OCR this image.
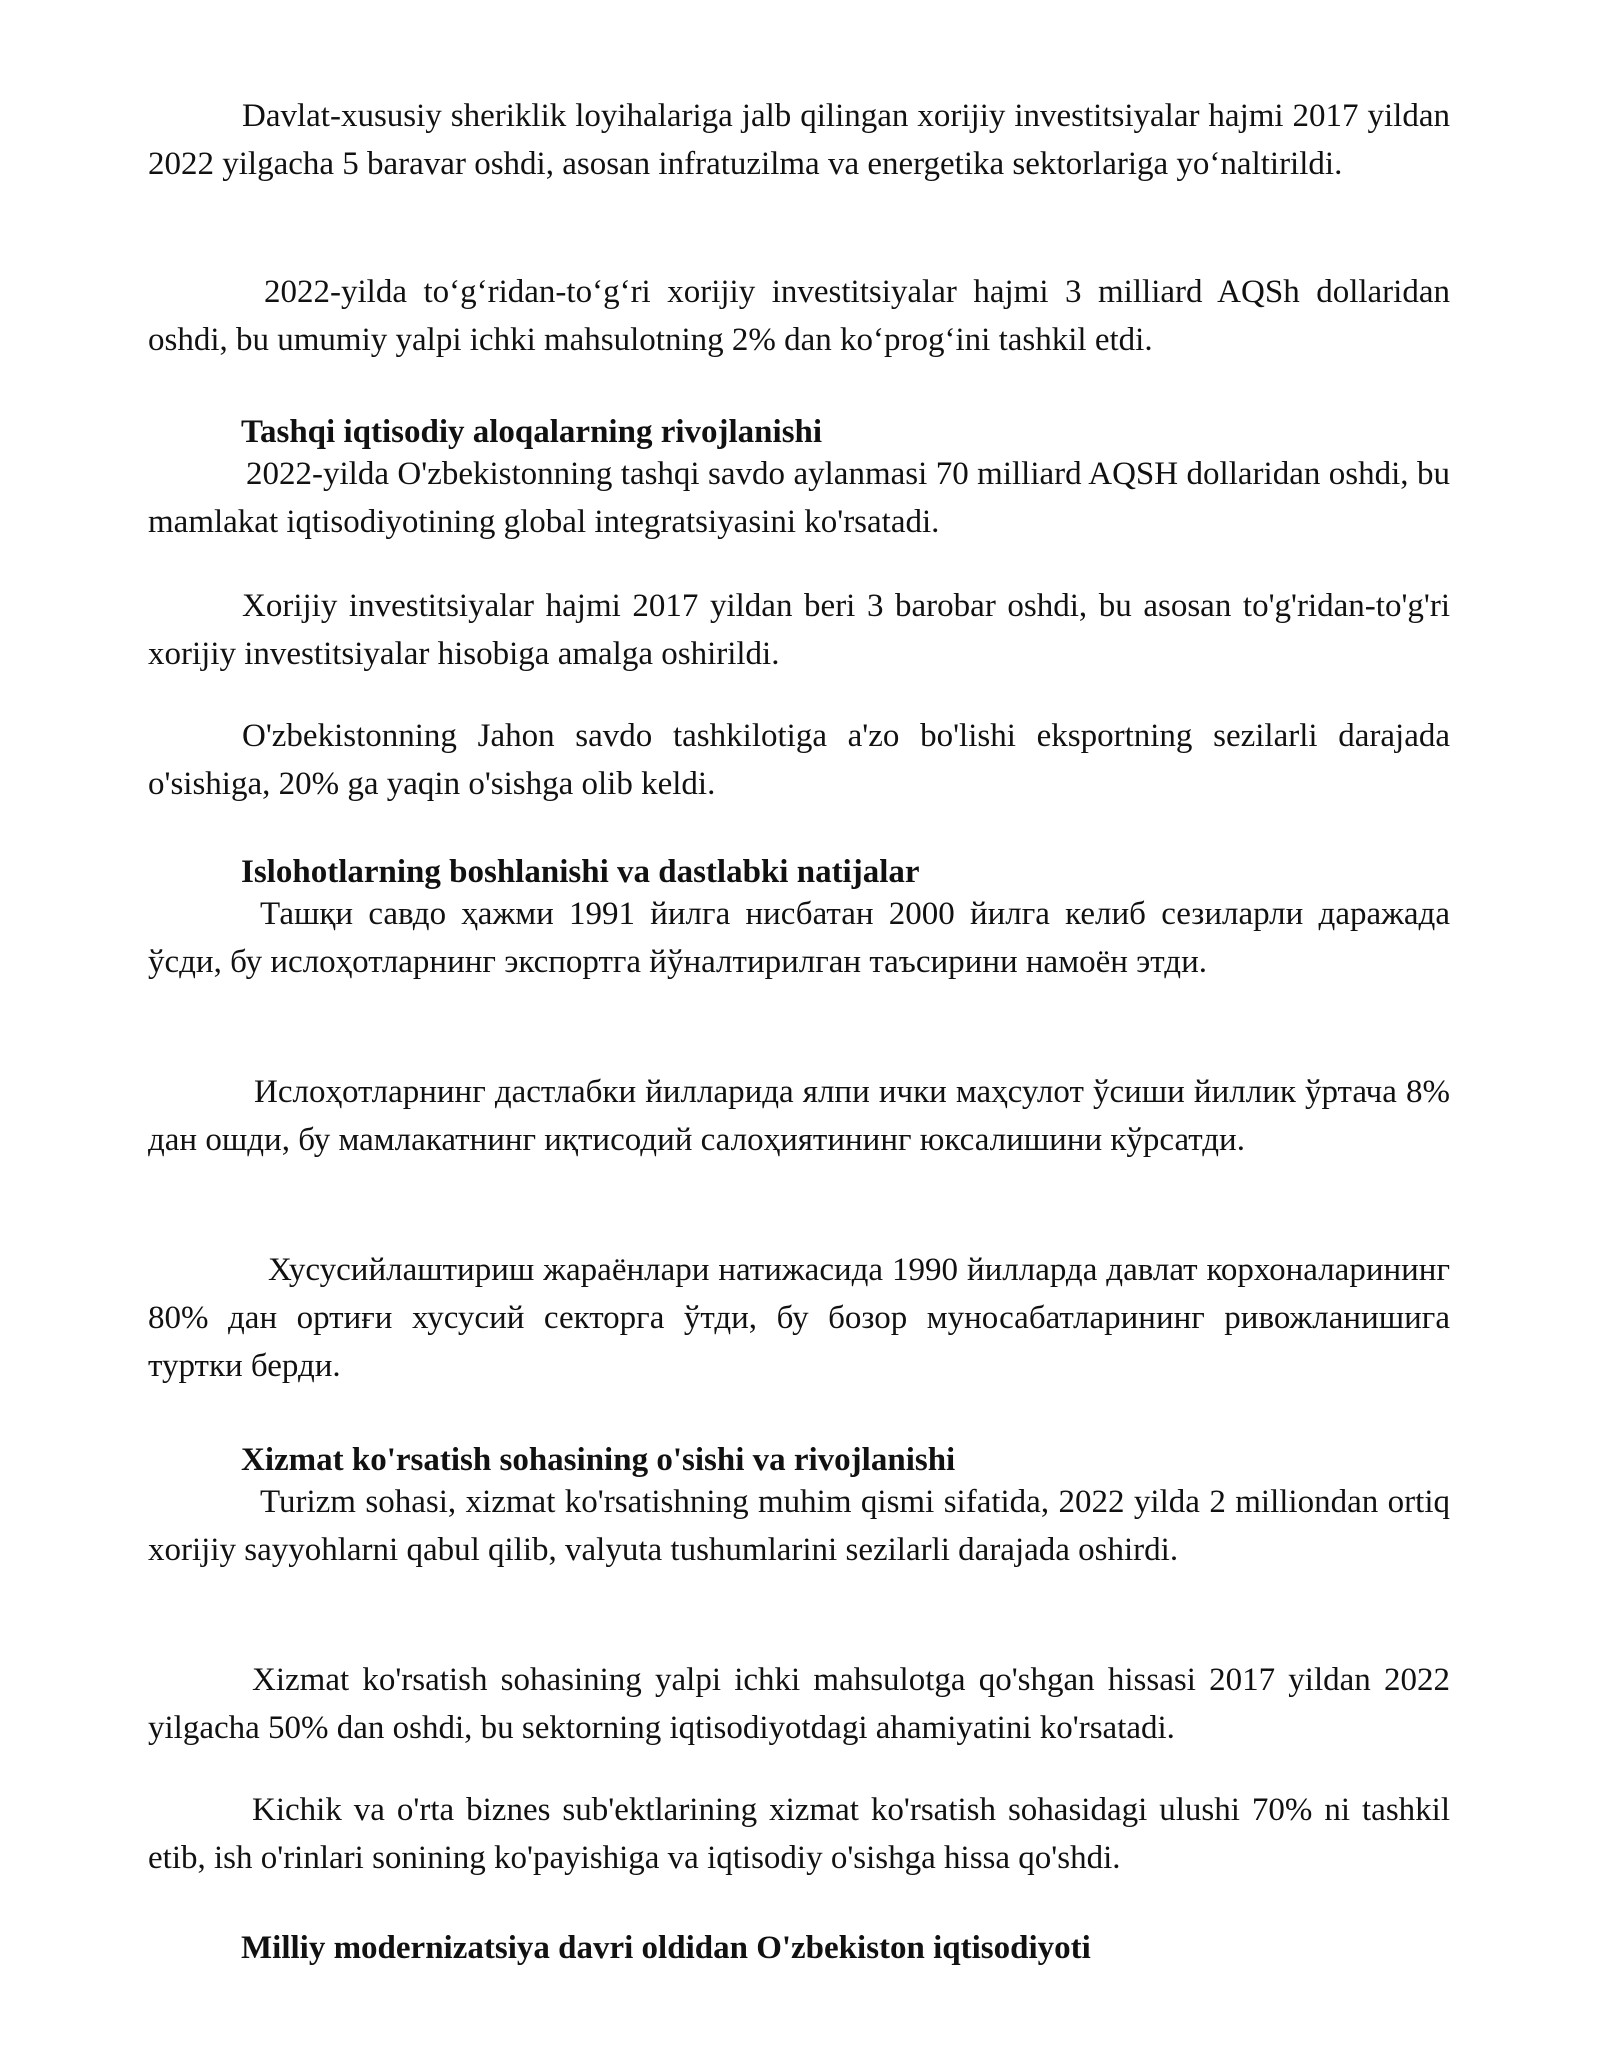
Davlat-xususiy sheriklik loyihalariga jalb qilingan xorijiy investitsiyalar hajmi 2017 yildan 2022 yilgacha 5 baravar oshdi, asosan infratuzilma va energetika sektorlariga yo‘naltirildi.

2022-yilda to‘g‘ridan-to‘g‘ri xorijiy investitsiyalar hajmi 3 milliard AQSh dollaridan oshdi, bu umumiy yalpi ichki mahsulotning 2% dan ko‘prog‘ini tashkil etdi.

Tashqi iqtisodiy aloqalarning rivojlanishi

2022-yilda O'zbekistonning tashqi savdo aylanmasi 70 milliard AQSH dollaridan oshdi, bu mamlakat iqtisodiyotining global integratsiyasini ko'rsatadi.

Xorijiy investitsiyalar hajmi 2017 yildan beri 3 barobar oshdi, bu asosan to'g'ridan-to'g'ri xorijiy investitsiyalar hisobiga amalga oshirildi.

O'zbekistonning Jahon savdo tashkilotiga a'zo bo'lishi eksportning sezilarli darajada o'sishiga, 20% ga yaqin o'sishga olib keldi.

Islohotlarning boshlanishi va dastlabki natijalar

Ташқи савдо ҳажми 1991 йилга нисбатан 2000 йилга келиб сезиларли даражада ўсди, бу ислоҳотларнинг экспортга йўналтирилган таъсирини намоён этди.

Ислоҳотларнинг дастлабки йилларида ялпи ички маҳсулот ўсиши йиллик ўртача 8% дан ошди, бу мамлакатнинг иқтисодий салоҳиятининг юксалишини кўрсатди.

Хусусийлаштириш жараёнлари натижасида 1990 йилларда давлат корхоналарининг 80% дан ортиғи хусусий секторга ўтди, бу бозор муносабатларининг ривожланишига туртки берди.

Xizmat ko'rsatish sohasining o'sishi va rivojlanishi

Turizm sohasi, xizmat ko'rsatishning muhim qismi sifatida, 2022 yilda 2 milliondan ortiq xorijiy sayyohlarni qabul qilib, valyuta tushumlarini sezilarli darajada oshirdi.

Xizmat ko'rsatish sohasining yalpi ichki mahsulotga qo'shgan hissasi 2017 yildan 2022 yilgacha 50% dan oshdi, bu sektorning iqtisodiyotdagi ahamiyatini ko'rsatadi.

Kichik va o'rta biznes sub'ektlarining xizmat ko'rsatish sohasidagi ulushi 70% ni tashkil etib, ish o'rinlari sonining ko'payishiga va iqtisodiy o'sishga hissa qo'shdi.

Milliy modernizatsiya davri oldidan O'zbekiston iqtisodiyoti
